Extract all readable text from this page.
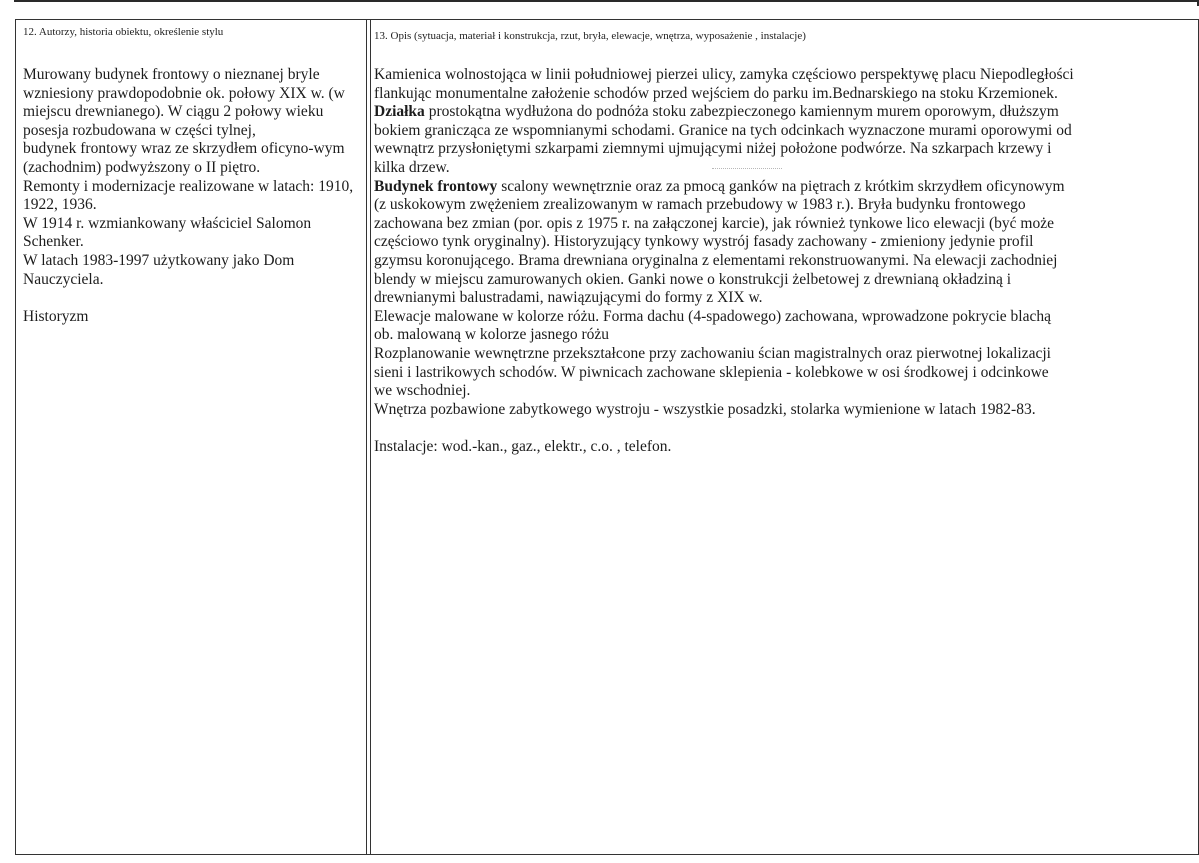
12. Autorzy, historia obiektu, określenie stylu	13. Opis (sytuacja, materiał i konstrukcja, rzut, bryła, elewacje, wnętrza, wyposażenie , instalacje)

Murowany budynek frontowy o nieznanej bryle

wzniesiony prawdopodobnie ok. połowy XIX w. (w

miejscu drewnianego). W ciągu 2 połowy wieku

posesja rozbudowana w części tylnej,

budynek frontowy wraz ze skrzydłem oficyno-wym

(zachodnim) podwyższony o II piętro.

Remonty i modernizacje realizowane w latach: 1910,

1922, 1936.

W 1914 r. wzmiankowany właściciel Salomon

Schenker.

W latach 1983-1997 użytkowany jako Dom

Nauczyciela.

Historyzm

Kamienica wolnostojąca w linii południowej pierzei ulicy, zamyka częściowo perspektywę placu Niepodległości

flankując monumentalne założenie schodów przed wejściem do parku im.Bednarskiego na stoku Krzemionek.

Działka prostokątna wydłużona do podnóża stoku zabezpieczonego kamiennym murem oporowym, dłuższym

bokiem granicząca ze wspomnianymi schodami. Granice na tych odcinkach wyznaczone murami oporowymi od

wewnątrz przysłoniętymi szkarpami ziemnymi ujmującymi niżej położone podwórze. Na szkarpach krzewy i

kilka drzew.

Budynek frontowy scalony wewnętrznie oraz za pmocą ganków na piętrach z krótkim skrzydłem oficynowym

(z uskokowym zwężeniem zrealizowanym w ramach przebudowy w 1983 r.). Bryła budynku frontowego

zachowana bez zmian (por. opis z 1975 r. na załączonej karcie), jak również tynkowe lico elewacji (być może

częściowo tynk oryginalny). Historyzujący tynkowy wystrój fasady zachowany - zmieniony jedynie profil

gzymsu koronującego. Brama drewniana oryginalna z elementami rekonstruowanymi. Na elewacji zachodniej

blendy w miejscu zamurowanych okien. Ganki nowe o konstrukcji żelbetowej z drewnianą okładziną i

drewnianymi balustradami, nawiązującymi do formy z XIX w.

Elewacje malowane w kolorze różu. Forma dachu (4-spadowego) zachowana, wprowadzone pokrycie blachą

ob. malowaną w kolorze jasnego różu

Rozplanowanie wewnętrzne przekształcone przy zachowaniu ścian magistralnych oraz pierwotnej lokalizacji

sieni i lastrikowych schodów. W piwnicach zachowane sklepienia - kolebkowe w osi środkowej i odcinkowe

we wschodniej.

Wnętrza pozbawione zabytkowego wystroju - wszystkie posadzki, stolarka wymienione w latach 1982-83.

Instalacje: wod.-kan., gaz., elektr., c.o. , telefon.
